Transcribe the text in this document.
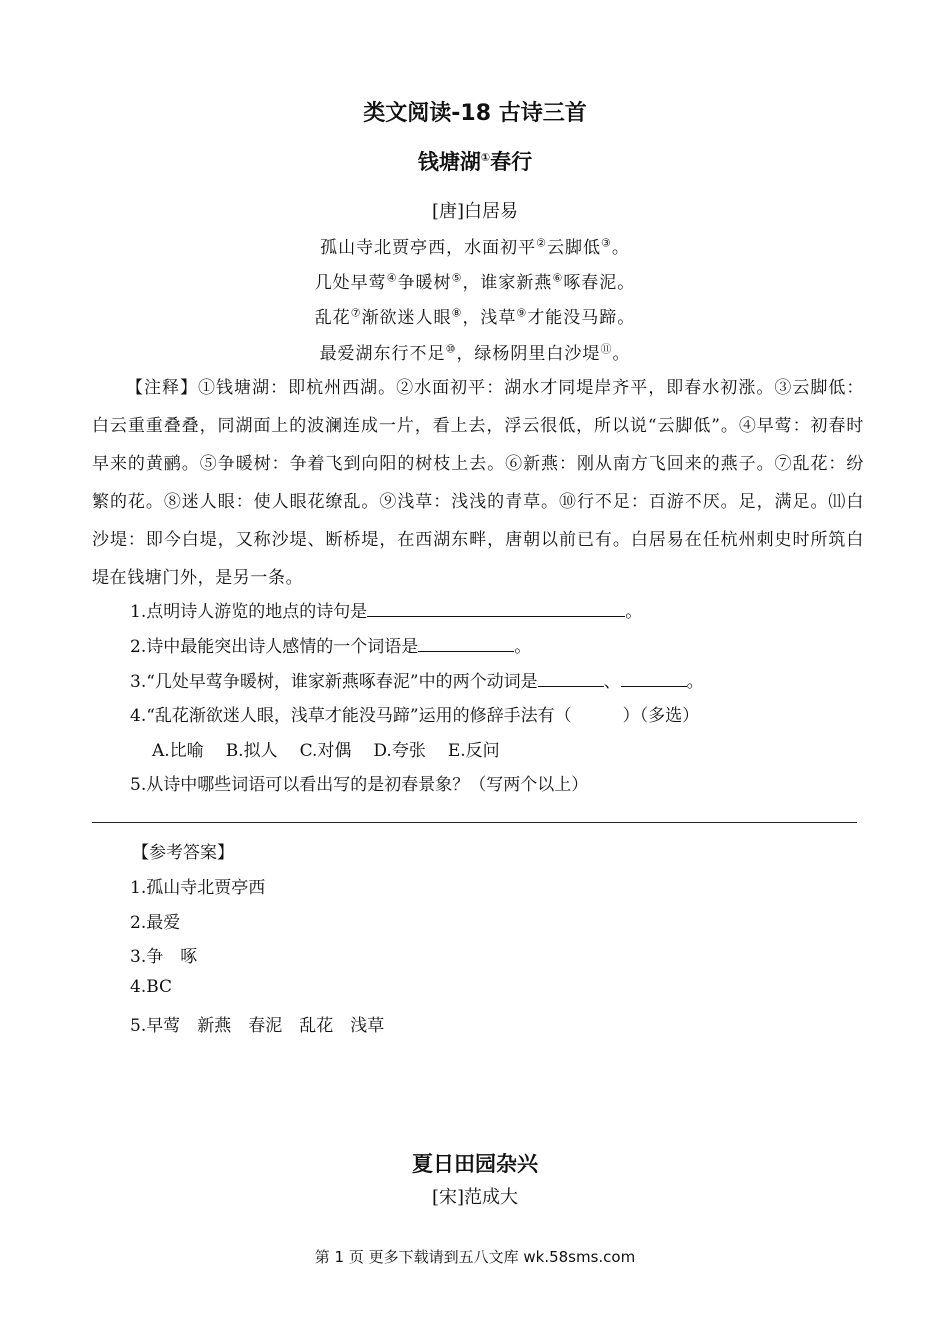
类文阅读-18 古诗三首
钱塘湖①春行
[唐]白居易
孤山寺北贾亭西，水面初平②云脚低③。
几处早莺④争暖树⑤，谁家新燕⑥啄春泥。
乱花⑦渐欲迷人眼⑧，浅草⑨才能没马蹄。
最爱湖东行不足⑩，绿杨阴里白沙堤⑪。
【注释】①钱塘湖：即杭州西湖。②水面初平：湖水才同堤岸齐平，即春水初涨。③云脚低：白云重重叠叠，同湖面上的波澜连成一片，看上去，浮云很低，所以说“云脚低”。④早莺：初春时早来的黄鹂。⑤争暖树：争着飞到向阳的树枝上去。⑥新燕：刚从南方飞回来的燕子。⑦乱花：纷繁的花。⑧迷人眼：使人眼花缭乱。⑨浅草：浅浅的青草。⑩行不足：百游不厌。足，满足。⑾白沙堤：即今白堤，又称沙堤、断桥堤，在西湖东畔，唐朝以前已有。白居易在任杭州刺史时所筑白堤在钱塘门外，是另一条。
1.点明诗人游览的地点的诗句是	。
2.诗中最能突出诗人感情的一个词语是	。
3.“几处早莺争暖树，谁家新燕啄春泥”中的两个动词是	、	。
4.“乱花渐欲迷人眼，浅草才能没马蹄”运用的修辞手法有（　　　）（多选）
A.比喻 B.拟人 C.对偶 D.夸张 E.反问
5.从诗中哪些词语可以看出写的是初春景象？（写两个以上）
【参考答案】
1.孤山寺北贾亭西
2.最爱
3.争　啄
4.BC
5.早莺　新燕　春泥　乱花　浅草
夏日田园杂兴
[宋]范成大
第 1 页 更多下载请到五八文库 wk.58sms.com
